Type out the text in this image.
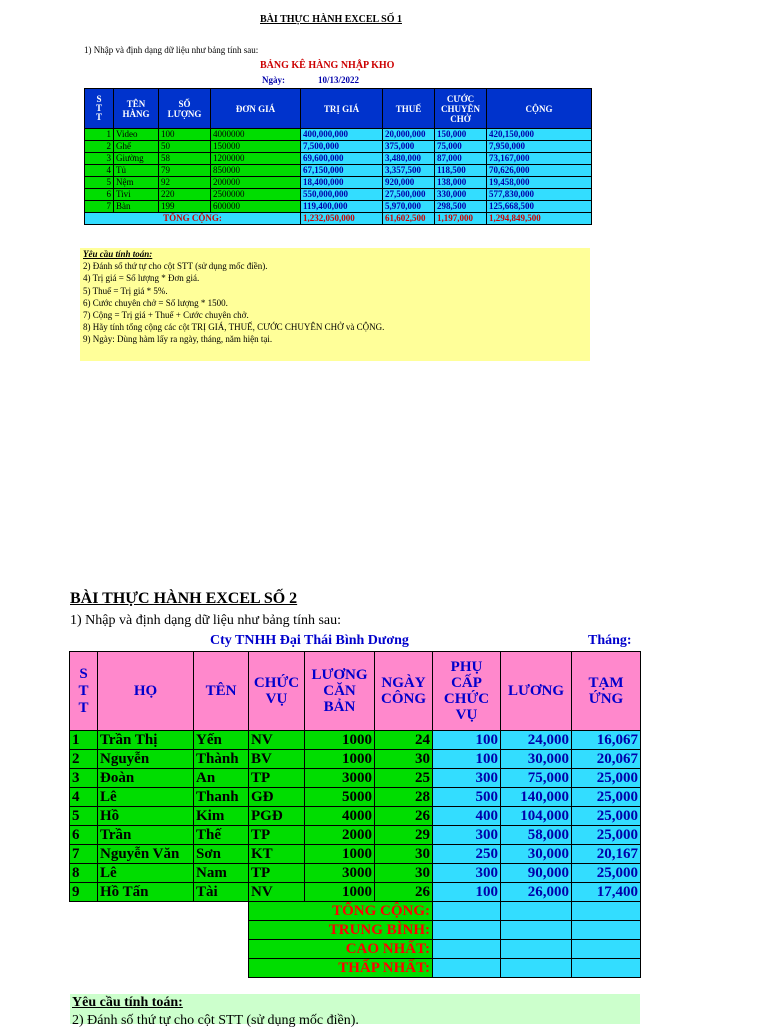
BÀI THỰC HÀNH EXCEL SỐ 1
1) Nhập và định dạng dữ liệu như bảng tính sau:
BẢNG KÊ HÀNG NHẬP KHO
Ngày:	10/13/2022
S
T
T	TÊN HÀNG	SỐ LƯỢNG	ĐƠN GIÁ	TRỊ GIÁ	THUẾ	CƯỚC CHUYÊN CHỞ	CỘNG
1	Video	100	4000000	400,000,000	20,000,000	150,000	420,150,000
2	Ghế	50	150000	7,500,000	375,000	75,000	7,950,000
3	Giường	58	1200000	69,600,000	3,480,000	87,000	73,167,000
4	Tủ	79	850000	67,150,000	3,357,500	118,500	70,626,000
5	Nệm	92	200000	18,400,000	920,000	138,000	19,458,000
6	Tivi	220	2500000	550,000,000	27,500,000	330,000	577,830,000
7	Bàn	199	600000	119,400,000	5,970,000	298,500	125,668,500
TỔNG CỘNG:				1,232,050,000	61,602,500	1,197,000	1,294,849,500
Yêu cầu tính toán:
2) Đánh số thứ tự cho cột STT (sử dụng mốc điền).
4) Trị giá = Số lượng * Đơn giá.
5) Thuế = Trị giá * 5%.
6) Cước chuyên chở = Số lượng * 1500.
7) Cộng = Trị giá + Thuế + Cước chuyên chở.
8) Hãy tính tổng cộng các cột TRỊ GIÁ, THUẾ, CƯỚC CHUYÊN CHỞ và CỘNG.
9) Ngày: Dùng hàm lấy ra ngày, tháng, năm hiện tại.
BÀI THỰC HÀNH EXCEL SỐ 2
1) Nhập và định dạng dữ liệu như bảng tính sau:
Cty TNHH Đại Thái Bình Dương	Tháng:
S
T
T	HỌ	TÊN	CHỨC VỤ	LƯƠNG CĂN BẢN	NGÀY CÔNG	PHỤ CẤP CHỨC VỤ	LƯƠNG	TẠM ỨNG
1	Trần Thị	Yến	NV	1000	24	100	24,000	16,067
2	Nguyễn	Thành	BV	1000	30	100	30,000	20,067
3	Đoàn	An	TP	3000	25	300	75,000	25,000
4	Lê	Thanh	GĐ	5000	28	500	140,000	25,000
5	Hồ	Kim	PGĐ	4000	26	400	104,000	25,000
6	Trần	Thế	TP	2000	29	300	58,000	25,000
7	Nguyễn Văn	Sơn	KT	1000	30	250	30,000	20,167
8	Lê	Nam	TP	3000	30	300	90,000	25,000
9	Hồ Tấn	Tài	NV	1000	26	100	26,000	17,400
			TỔNG CỘNG:					
			TRUNG BÌNH:					
			CAO NHẤT:					
			THẤP NHẤT:					
Yêu cầu tính toán:
2) Đánh số thứ tự cho cột STT (sử dụng mốc điền).
